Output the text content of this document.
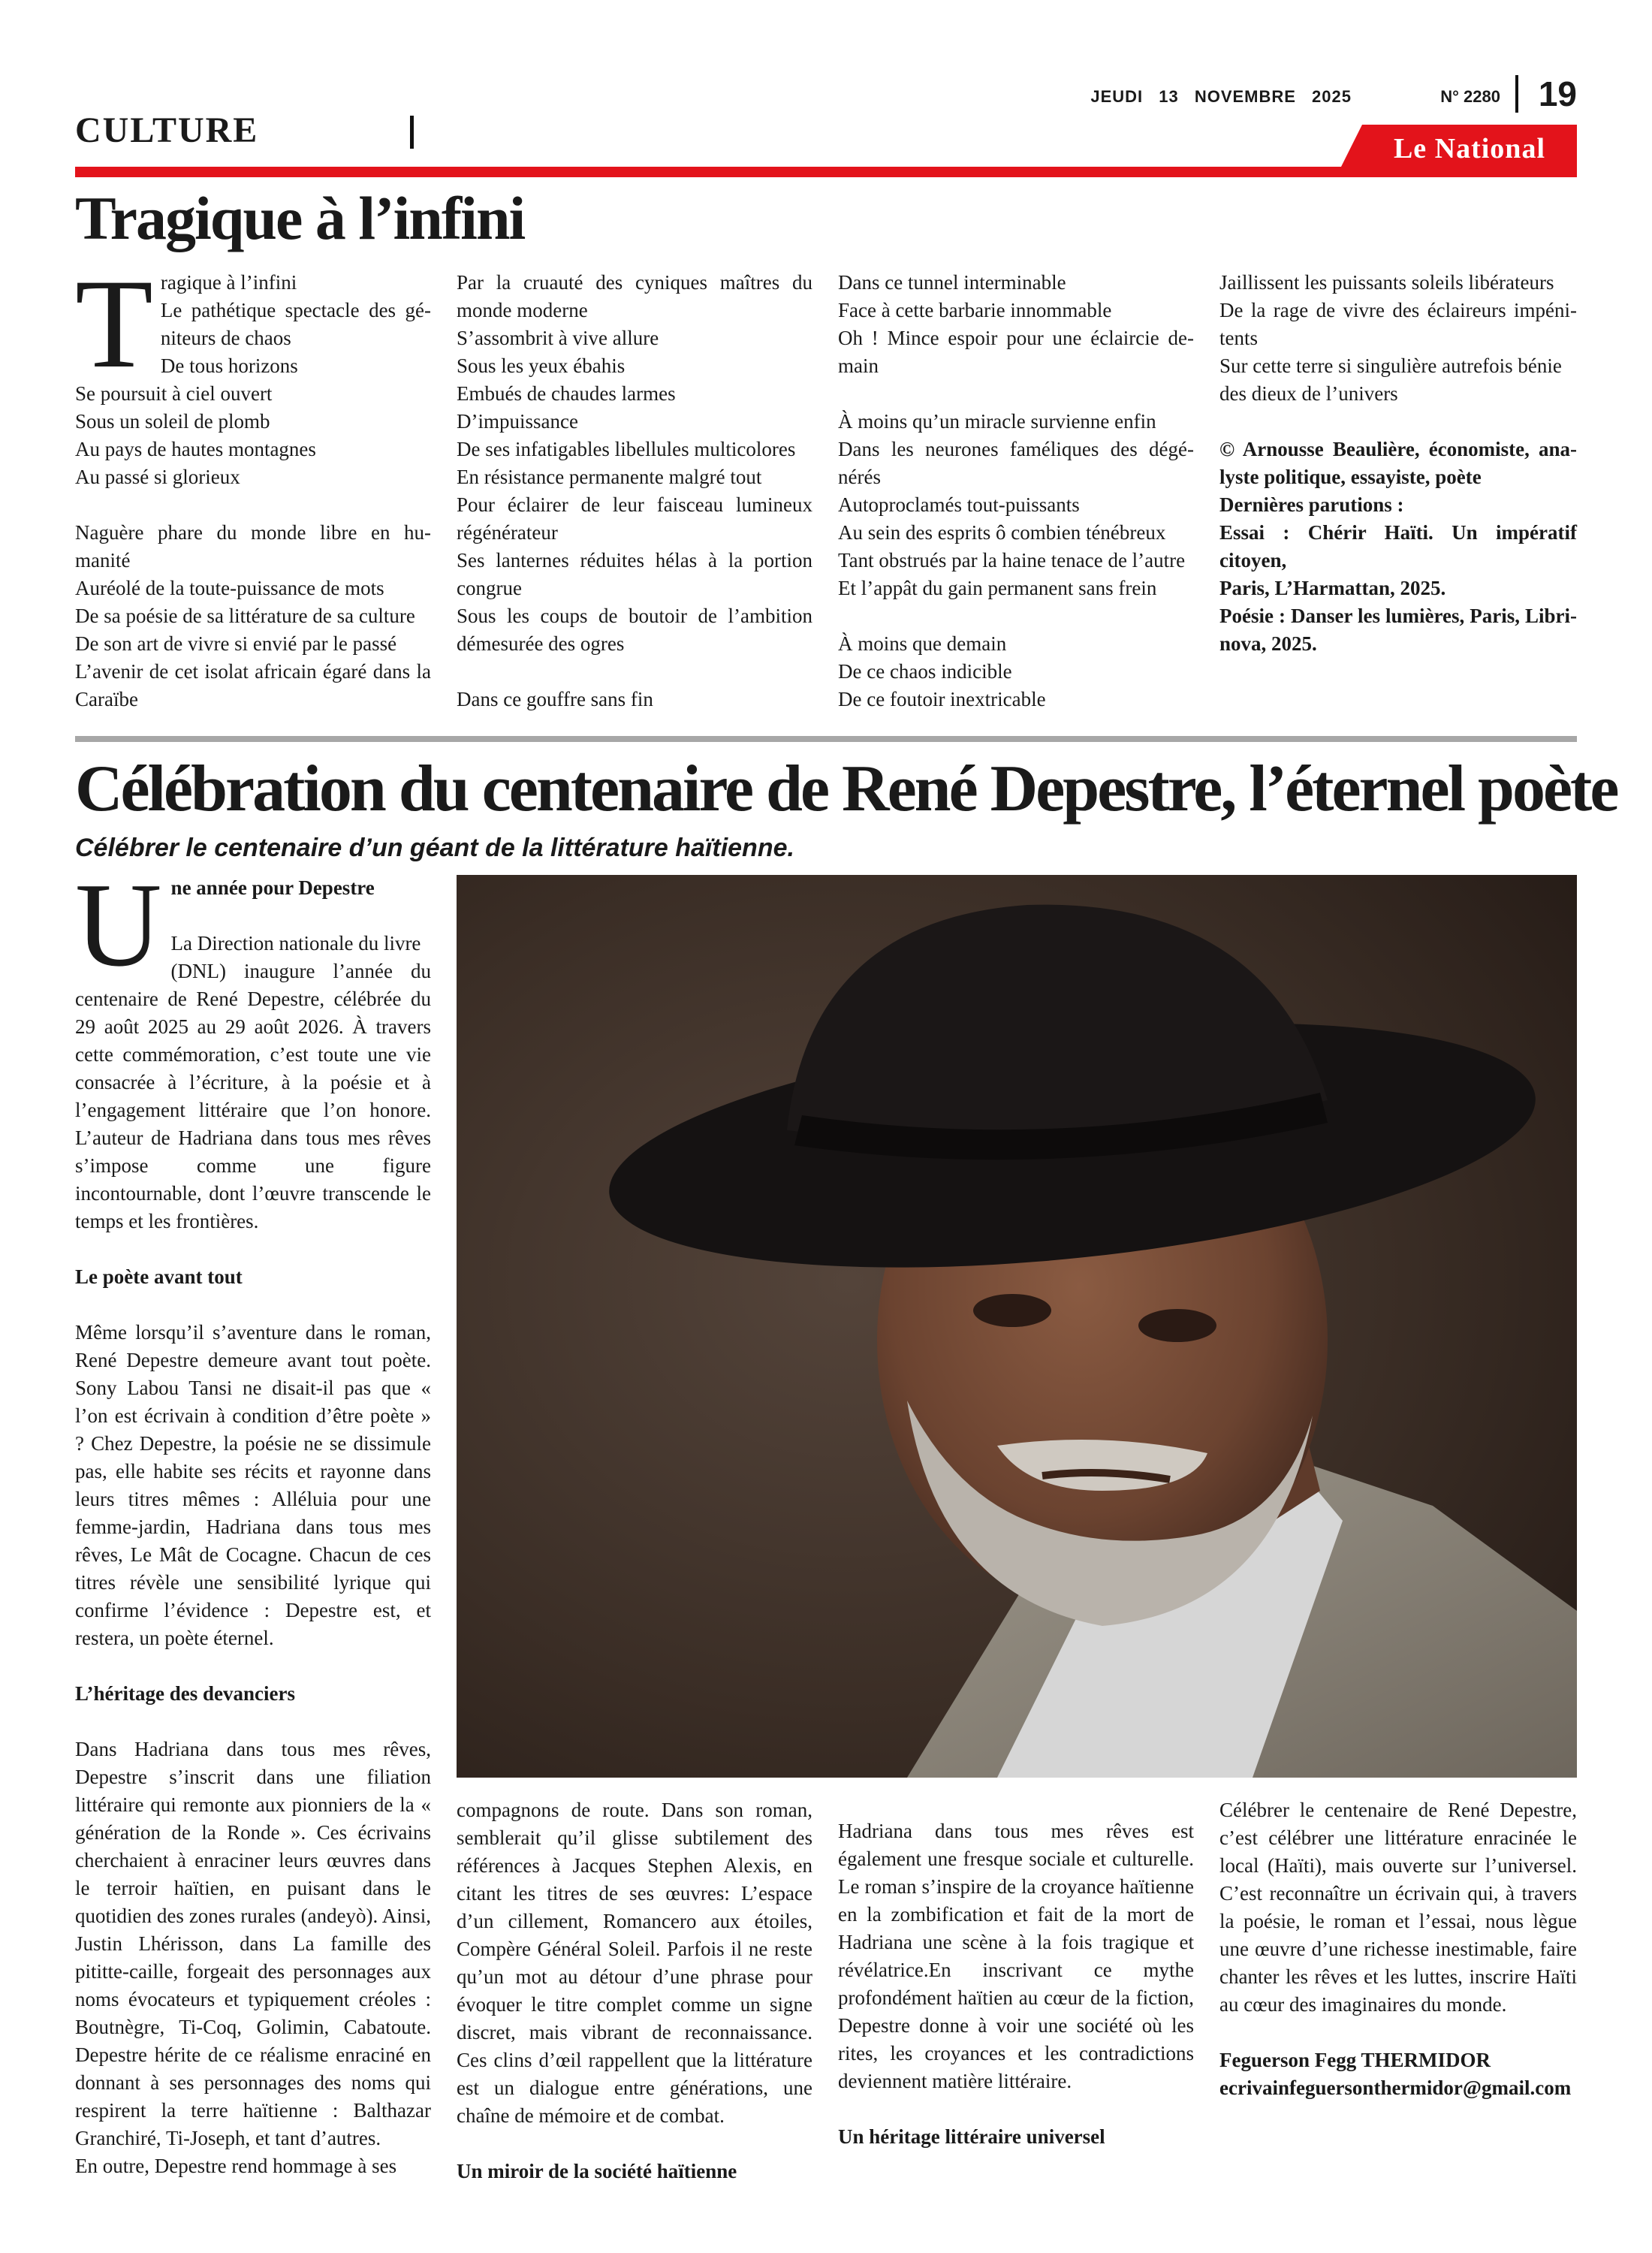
CULTURE
JEUDI 13 NOVEMBRE 2025	N° 2280 19
Le National
Tragique à l’infini
T ragique à l’infini

Le pathétique spectacle des gé-

niteurs de chaos

De tous horizons

Se poursuit à ciel ouvert

Sous un soleil de plomb

Au pays de hautes montagnes

Au passé si glorieux

Naguère phare du monde libre en hu-

manité

Auréolé de la toute-puissance de mots

De sa poésie de sa littérature de sa culture

De son art de vivre si envié par le passé

L’avenir de cet isolat africain égaré dans la

Caraïbe

Par la cruauté des cyniques maîtres du

monde moderne

S’assombrit à vive allure

Sous les yeux ébahis

Embués de chaudes larmes

D’impuissance

De ses infatigables libellules multicolores

En résistance permanente malgré tout

Pour éclairer de leur faisceau lumineux

régénérateur

Ses lanternes réduites hélas à la portion

congrue

Sous les coups de boutoir de l’ambition

démesurée des ogres

Dans ce gouffre sans fin

Dans ce tunnel interminable

Face à cette barbarie innommable

Oh ! Mince espoir pour une éclaircie de-

main

À moins qu’un miracle survienne enfin

Dans les neurones faméliques des dégé-

nérés

Autoproclamés tout-puissants

Au sein des esprits ô combien ténébreux

Tant obstrués par la haine tenace de l’autre

Et l’appât du gain permanent sans frein

À moins que demain

De ce chaos indicible

De ce foutoir inextricable

Jaillissent les puissants soleils libérateurs

De la rage de vivre des éclaireurs impéni-

tents

Sur cette terre si singulière autrefois bénie

des dieux de l’univers

© Arnousse Beaulière, économiste, ana-

lyste politique, essayiste, poète

Dernières parutions :

Essai : Chérir Haïti. Un impératif citoyen,

Paris, L’Harmattan, 2025.

Poésie : Danser les lumières, Paris, Libri-

nova, 2025.

Célébration du centenaire de René Depestre, l’éternel poète
Célébrer le centenaire d’un géant de la littérature haïtienne.
U ne année pour Depestre

La Direction nationale du livre

(DNL) inaugure l’année du

centenaire de René Depestre, célébrée du 29 août 2025 au 29 août 2026. À travers cette commémoration, c’est toute une vie consacrée à l’écriture, à la poésie et à l’engagement littéraire que l’on honore. L’auteur de Hadriana dans tous mes rêves s’impose comme une figure incontournable, dont l’œuvre transcende le temps et les frontières.

Le poète avant tout

Même lorsqu’il s’aventure dans le roman, René Depestre demeure avant tout poète. Sony Labou Tansi ne disait-il pas que « l’on est écrivain à condition d’être poète » ? Chez Depestre, la poésie ne se dissimule pas, elle habite ses récits et rayonne dans leurs titres mêmes : Alléluia pour une femme-jardin, Hadriana dans tous mes rêves, Le Mât de Cocagne. Chacun de ces titres révèle une sensibilité lyrique qui confirme l’évidence : Depestre est, et restera, un poète éternel.

L’héritage des devanciers

Dans Hadriana dans tous mes rêves, Depestre s’inscrit dans une filiation littéraire qui remonte aux pionniers de la « génération de la Ronde ». Ces écrivains cherchaient à enraciner leurs œuvres dans le terroir haïtien, en puisant dans le quotidien des zones rurales (andeyò). Ainsi, Justin Lhérisson, dans La famille des pititte-caille, forgeait des personnages aux noms évocateurs et typiquement créoles : Boutnègre, Ti-Coq, Golimin, Cabatoute. Depestre hérite de ce réalisme enraciné en donnant à ses personnages des noms qui respirent la terre haïtienne : Balthazar Granchiré, Ti-Joseph, et tant d’autres.

En outre, Depestre rend hommage à ses

compagnons de route. Dans son roman, semblerait qu’il glisse subtilement des références à Jacques Stephen Alexis, en citant les titres de ses œuvres: L’espace d’un cillement, Romancero aux étoiles, Compère Général Soleil. Parfois il ne reste qu’un mot au détour d’une phrase pour évoquer le titre complet comme un signe discret, mais vibrant de reconnaissance. Ces clins d’œil rappellent que la littérature est un dialogue entre générations, une chaîne de mémoire et de combat.

Un miroir de la société haïtienne

Hadriana dans tous mes rêves est également une fresque sociale et culturelle. Le roman s’inspire de la croyance haïtienne en la zombification et fait de la mort de Hadriana une scène à la fois tragique et révélatrice.En inscrivant ce mythe profondément haïtien au cœur de la fiction, Depestre donne à voir une société où les rites, les croyances et les contradictions deviennent matière littéraire.

Un héritage littéraire universel

Célébrer le centenaire de René Depestre, c’est célébrer une littérature enracinée le local (Haïti), mais ouverte sur l’universel. C’est reconnaître un écrivain qui, à travers la poésie, le roman et l’essai, nous lègue une œuvre d’une richesse inestimable, faire chanter les rêves et les luttes, inscrire Haïti au cœur des imaginaires du monde.

Feguerson Fegg THERMIDOR

ecrivainfeguersonthermidor@gmail.com
